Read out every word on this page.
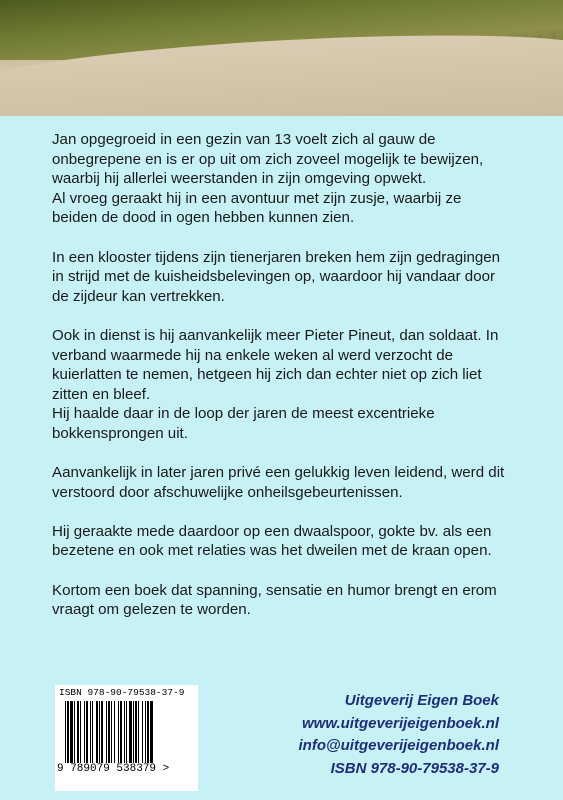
Jan opgegroeid in een gezin van 13 voelt zich al gauw de onbegrepene en is er op uit om zich zoveel mogelijk te bewijzen, waarbij hij allerlei weerstanden in zijn omgeving opwekt.

Al vroeg geraakt hij in een avontuur met zijn zusje, waarbij ze beiden de dood in ogen hebben kunnen zien.

In een klooster tijdens zijn tienerjaren breken hem zijn gedragingen in strijd met de kuisheidsbelevingen op, waardoor hij vandaar door de zijdeur kan vertrekken.

Ook in dienst is hij aanvankelijk meer Pieter Pineut, dan soldaat. In verband waarmede hij na enkele weken al werd verzocht de kuierlatten te nemen, hetgeen hij zich dan echter niet op zich liet zitten en bleef.

Hij haalde daar in de loop der jaren de meest excentrieke bokkensprongen uit.

Aanvankelijk in later jaren privé een gelukkig leven leidend, werd dit verstoord door afschuwelijke onheilsgebeurtenissen.

Hij geraakte mede daardoor op een dwaalspoor, gokte bv. als een bezetene en ook met relaties was het dweilen met de kraan open.

Kortom een boek dat spanning, sensatie en humor brengt en erom vraagt om gelezen te worden.

ISBN 978-90-79538-37-9
9 789079 538379 >
Uitgeverij Eigen Boek
www.uitgeverijeigenboek.nl
info@uitgeverijeigenboek.nl
ISBN 978-90-79538-37-9
